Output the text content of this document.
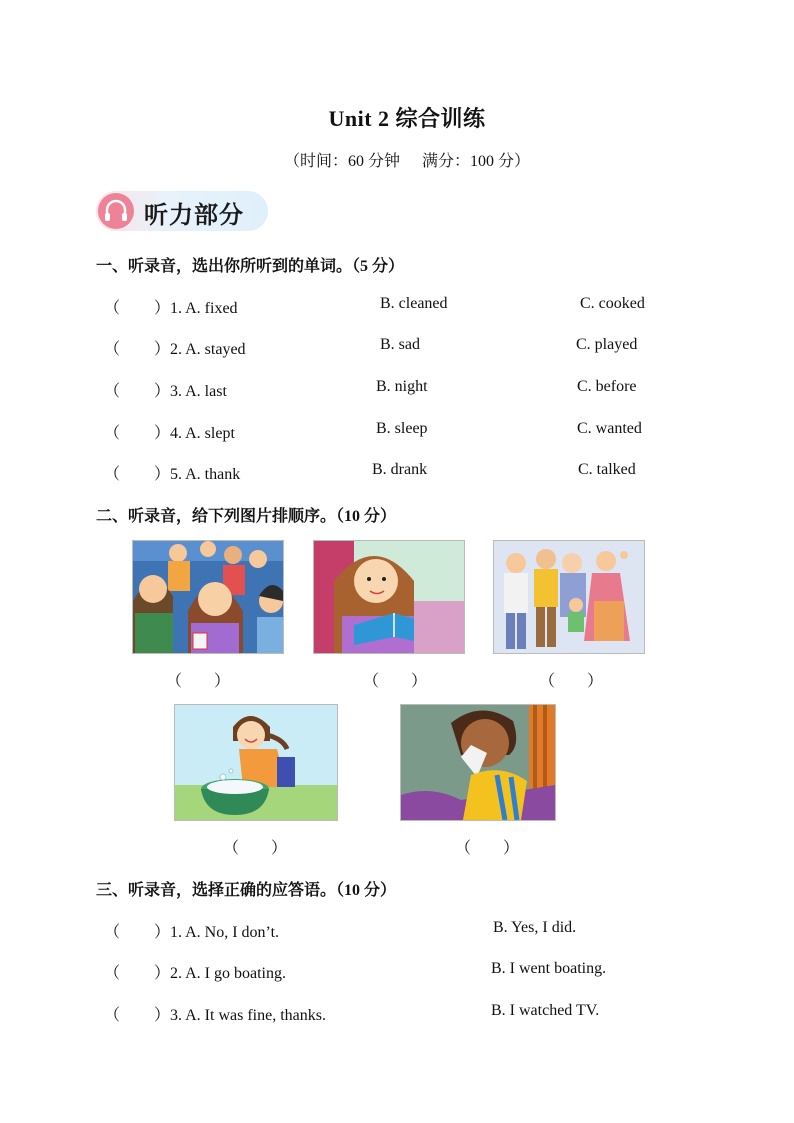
Unit 2 综合训练
（时间：60 分钟 满分：100 分）
听力部分
一、听录音，选出你所听到的单词。（5 分）
（ ）1. A. fixed	B. cleaned	C. cooked
（ ）2. A. stayed	B. sad	C. played
（ ）3. A. last	B. night	C. before
（ ）4. A. slept	B. sleep	C. wanted
（ ）5. A. thank	B. drank	C. talked
二、听录音，给下列图片排顺序。（10 分）
（　　）	（　　）	（　　）
（　　）	（　　）
三、听录音，选择正确的应答语。（10 分）
（ ）1. A. No, I don’t.	B. Yes, I did.
（ ）2. A. I go boating.	B. I went boating.
（ ）3. A. It was fine, thanks.	B. I watched TV.
